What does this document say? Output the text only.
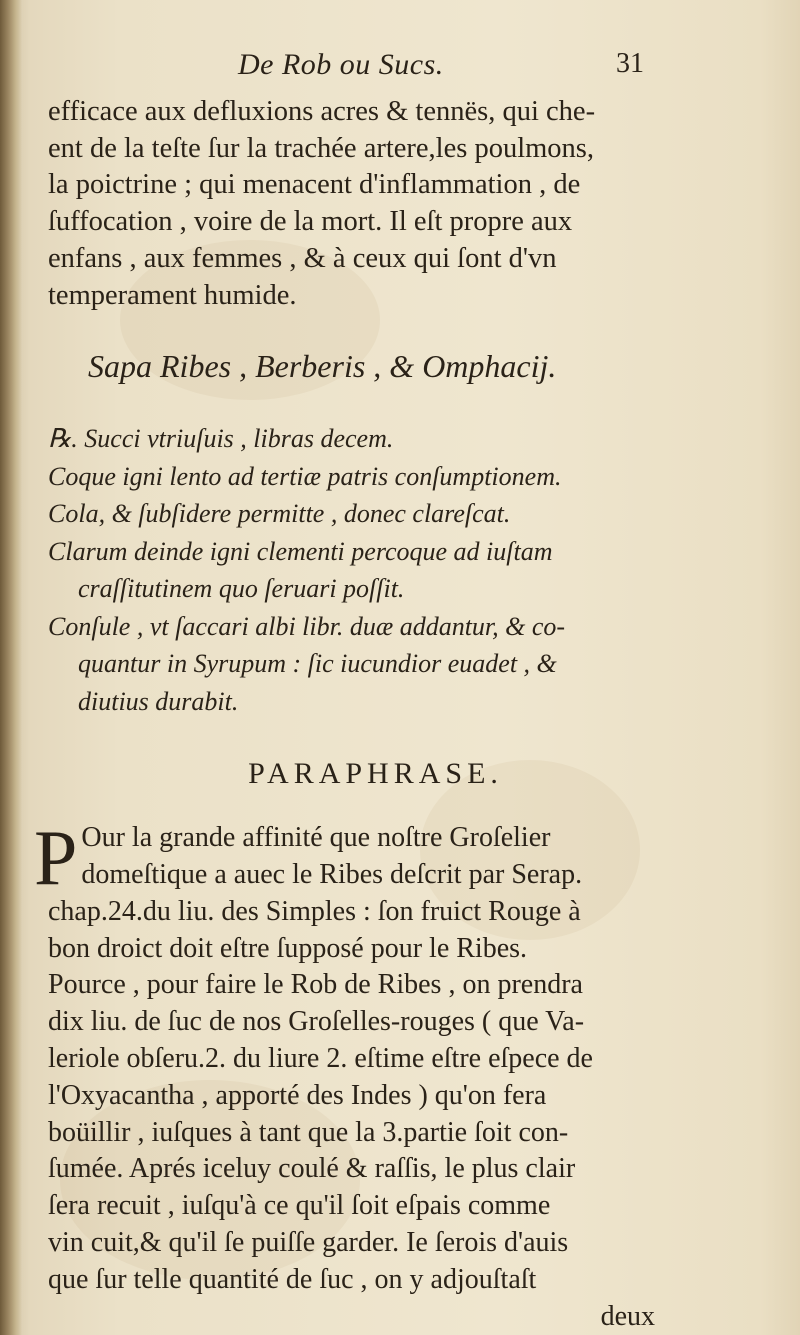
De Rob ou Sucs.	31

efficace aux defluxions acres & tennës, qui che-
ent de la teſte ſur la trachée artere,les poulmons,
la poictrine ; qui menacent d'inflammation , de
ſuffocation , voire de la mort. Il eſt propre aux
enfans , aux femmes , & à ceux qui ſont d'vn
temperament humide.

Sapa Ribes , Berberis , & Omphacij.
℞. Succi vtriuſuis , libras decem.
Coque igni lento ad tertiæ patris conſumptionem.
Cola, & ſubſidere permitte , donec clareſcat.
Clarum deinde igni clementi percoque ad iuſtam
craſſitutinem quo ſeruari poſſit.
Conſule , vt ſaccari albi libr. duæ addantur, & co-
quantur in Syrupum : ſic iucundior euadet , &
diutius durabit.
PARAPHRASE.
P Our la grande affinité que noſtre Groſelier
domeſtique a auec le Ribes deſcrit par Serap.
chap.24.du liu. des Simples : ſon fruict Rouge à
bon droict doit eſtre ſupposé pour le Ribes.
Pource , pour faire le Rob de Ribes , on prendra
dix liu. de ſuc de nos Groſelles-rouges ( que Va-
leriole obſeru.2. du liure 2. eſtime eſtre eſpece de
l'Oxyacantha , apporté des Indes ) qu'on fera
boüillir , iuſques à tant que la 3.partie ſoit con-
ſumée. Aprés iceluy coulé & raſſis, le plus clair
ſera recuit , iuſqu'à ce qu'il ſoit eſpais comme
vin cuit,& qu'il ſe puiſſe garder. Ie ſerois d'auis
que ſur telle quantité de ſuc , on y adjouſtaſt
deux
